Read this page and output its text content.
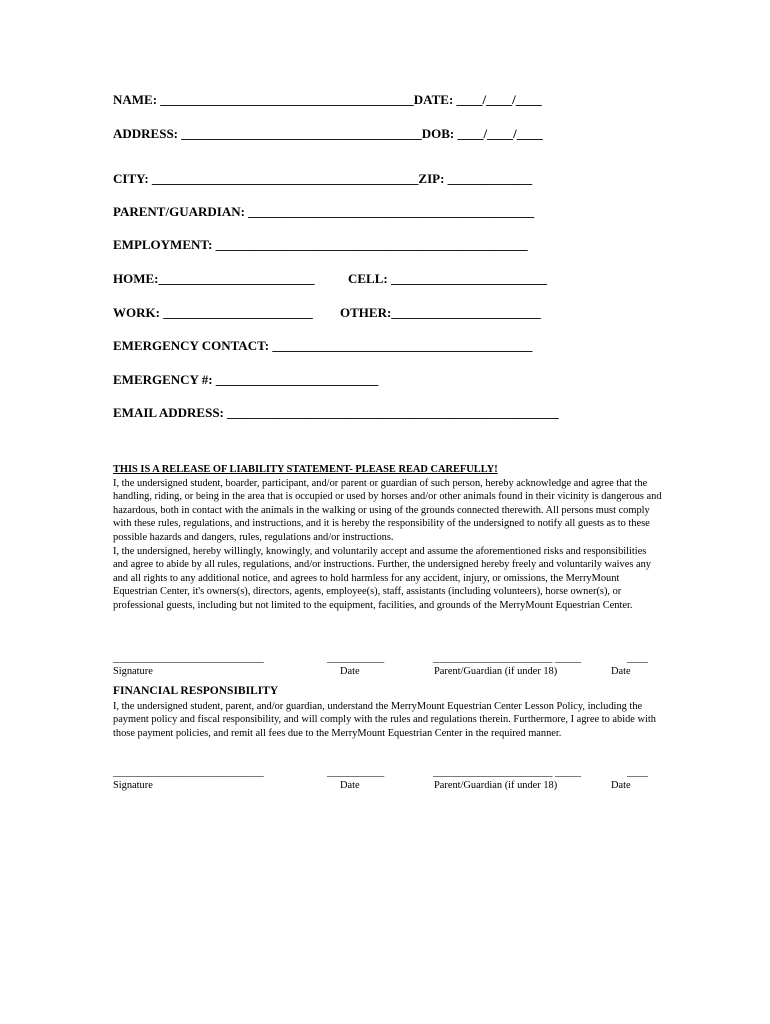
NAME: _______________________________________DATE: ____/____/____
ADDRESS: _____________________________________DOB: ____/____/____
CITY: _________________________________________ZIP: _____________
PARENT/GUARDIAN: ____________________________________________
EMPLOYMENT: ________________________________________________
HOME:________________________	CELL: ________________________
WORK: _______________________ OTHER:_______________________
EMERGENCY CONTACT: ________________________________________
EMERGENCY #: _________________________
EMAIL ADDRESS: ___________________________________________________
THIS IS A RELEASE OF LIABILITY STATEMENT- PLEASE READ CAREFULLY!

I, the undersigned student, boarder, participant, and/or parent or guardian of such person, hereby acknowledge and agree that the handling, riding, or being in the area that is occupied or used by horses and/or other animals found in their vicinity is dangerous and hazardous, both in contact with the animals in the walking or using of the grounds connected therewith. All persons must comply with these rules, regulations, and instructions, and it is hereby the responsibility of the undersigned to notify all guests as to these possible hazards and dangers, rules, regulations and/or instructions.

I, the undersigned, hereby willingly, knowingly, and voluntarily accept and assume the aforementioned risks and responsibilities and agree to abide by all rules, regulations, and/or instructions. Further, the undersigned hereby freely and voluntarily waives any and all rights to any additional notice, and agrees to hold harmless for any accident, injury, or omissions, the MerryMount Equestrian Center, it's owners(s), directors, agents, employee(s), staff, assistants (including volunteers), horse owner(s), or professional guests, including but not limited to the equipment, facilities, and grounds of the MerryMount Equestrian Center.

_____________________________	___________	_______________________ _____	____
Signature	Date	Parent/Guardian (if under 18)	Date
FINANCIAL RESPONSIBILITY

I, the undersigned student, parent, and/or guardian, understand the MerryMount Equestrian Center Lesson Policy, including the payment policy and fiscal responsibility, and will comply with the rules and regulations therein. Furthermore, I agree to abide with those payment policies, and remit all fees due to the MerryMount Equestrian Center in the required manner.

_____________________________	___________	_______________________ _____	____
Signature	Date	Parent/Guardian (if under 18)	Date
